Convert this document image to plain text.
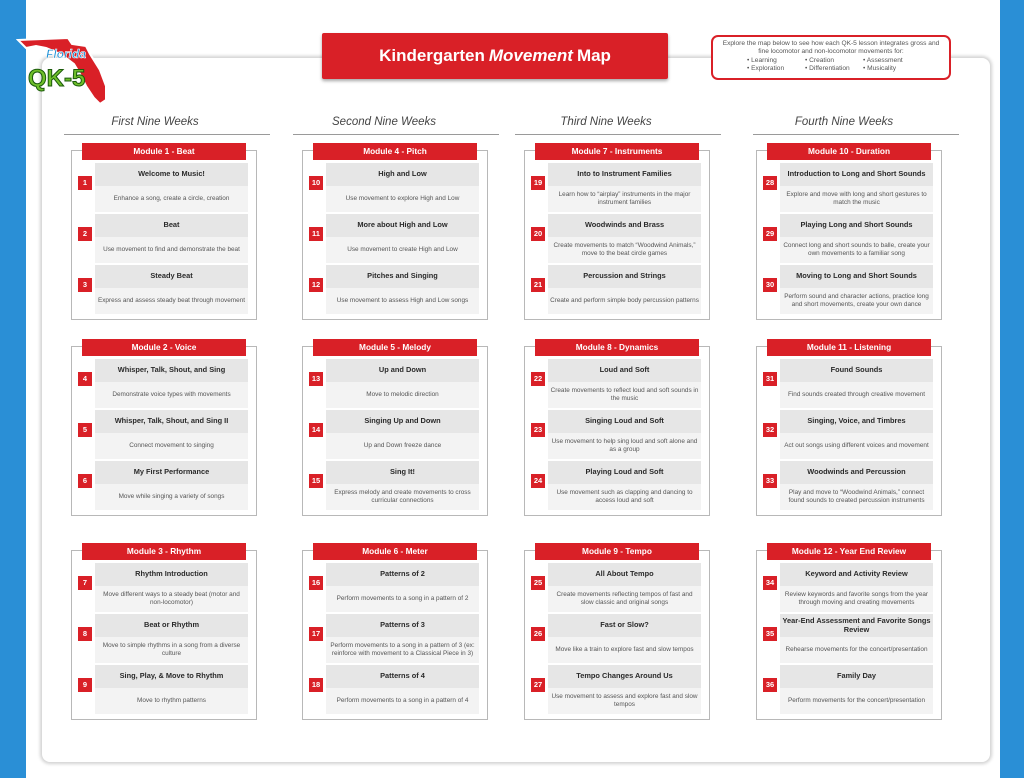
Florida
QK-5
Kindergarten Movement Map
Explore the map below to see how each QK-5 lesson integrates gross and fine locomotor and non-locomotor movements for:
• Learning	• Creation	• Assessment
• Exploration	• Differentiation	• Musicality
First Nine Weeks	Second Nine Weeks	Third Nine Weeks	Fourth Nine Weeks
Module 1 - Beat
Welcome to Music!
Enhance a song, create a circle, creation
1
Beat
Use movement to find and demonstrate the beat
2
Steady Beat
Express and assess steady beat through movement
3
Module 4 - Pitch
High and Low
Use movement to explore High and Low
10
More about High and Low
Use movement to create High and Low
11
Pitches and Singing
Use movement to assess High and Low songs
12
Module 7 - Instruments
Into to Instrument Families
Learn how to “airplay” instruments in the major instrument families
19
Woodwinds and Brass
Create movements to match “Woodwind Animals,” move to the beat circle games
20
Percussion and Strings
Create and perform simple body percussion patterns
21
Module 10 - Duration
Introduction to Long and Short Sounds
Explore and move with long and short gestures to match the music
28
Playing Long and Short Sounds
Connect long and short sounds to balle, create your own movements to a familiar song
29
Moving to Long and Short Sounds
Perform sound and character actions, practice long and short movements, create your own dance
30
Module 2 - Voice
Whisper, Talk, Shout, and Sing
Demonstrate voice types with movements
4
Whisper, Talk, Shout, and Sing II
Connect movement to singing
5
My First Performance
Move while singing a variety of songs
6
Module 5 - Melody
Up and Down
Move to melodic direction
13
Singing Up and Down
Up and Down freeze dance
14
Sing It!
Express melody and create movements to cross curricular connections
15
Module 8 - Dynamics
Loud and Soft
Create movements to reflect loud and soft sounds in the music
22
Singing Loud and Soft
Use movement to help sing loud and soft alone and as a group
23
Playing Loud and Soft
Use movement such as clapping and dancing to access loud and soft
24
Module 11 - Listening
Found Sounds
Find sounds created through creative movement
31
Singing, Voice, and Timbres
Act out songs using different voices and movement
32
Woodwinds and Percussion
Play and move to “Woodwind Animals,” connect found sounds to created percussion instruments
33
Module 3 - Rhythm
Rhythm Introduction
Move different ways to a steady beat (motor and non-locomotor)
7
Beat or Rhythm
Move to simple rhythms in a song from a diverse culture
8
Sing, Play, & Move to Rhythm
Move to rhythm patterns
9
Module 6 - Meter
Patterns of 2
Perform movements to a song in a pattern of 2
16
Patterns of 3
Perform movements to a song in a pattern of 3 (ex: reinforce with movement to a Classical Piece in 3)
17
Patterns of 4
Perform movements to a song in a pattern of 4
18
Module 9 - Tempo
All About Tempo
Create movements reflecting tempos of fast and slow classic and original songs
25
Fast or Slow?
Move like a train to explore fast and slow tempos
26
Tempo Changes Around Us
Use movement to assess and explore fast and slow tempos
27
Module 12 - Year End Review
Keyword and Activity Review
Review keywords and favorite songs from the year through moving and creating movements
34
Year-End Assessment and Favorite Songs Review
Rehearse movements for the concert/presentation
35
Family Day
Perform movements for the concert/presentation
36
